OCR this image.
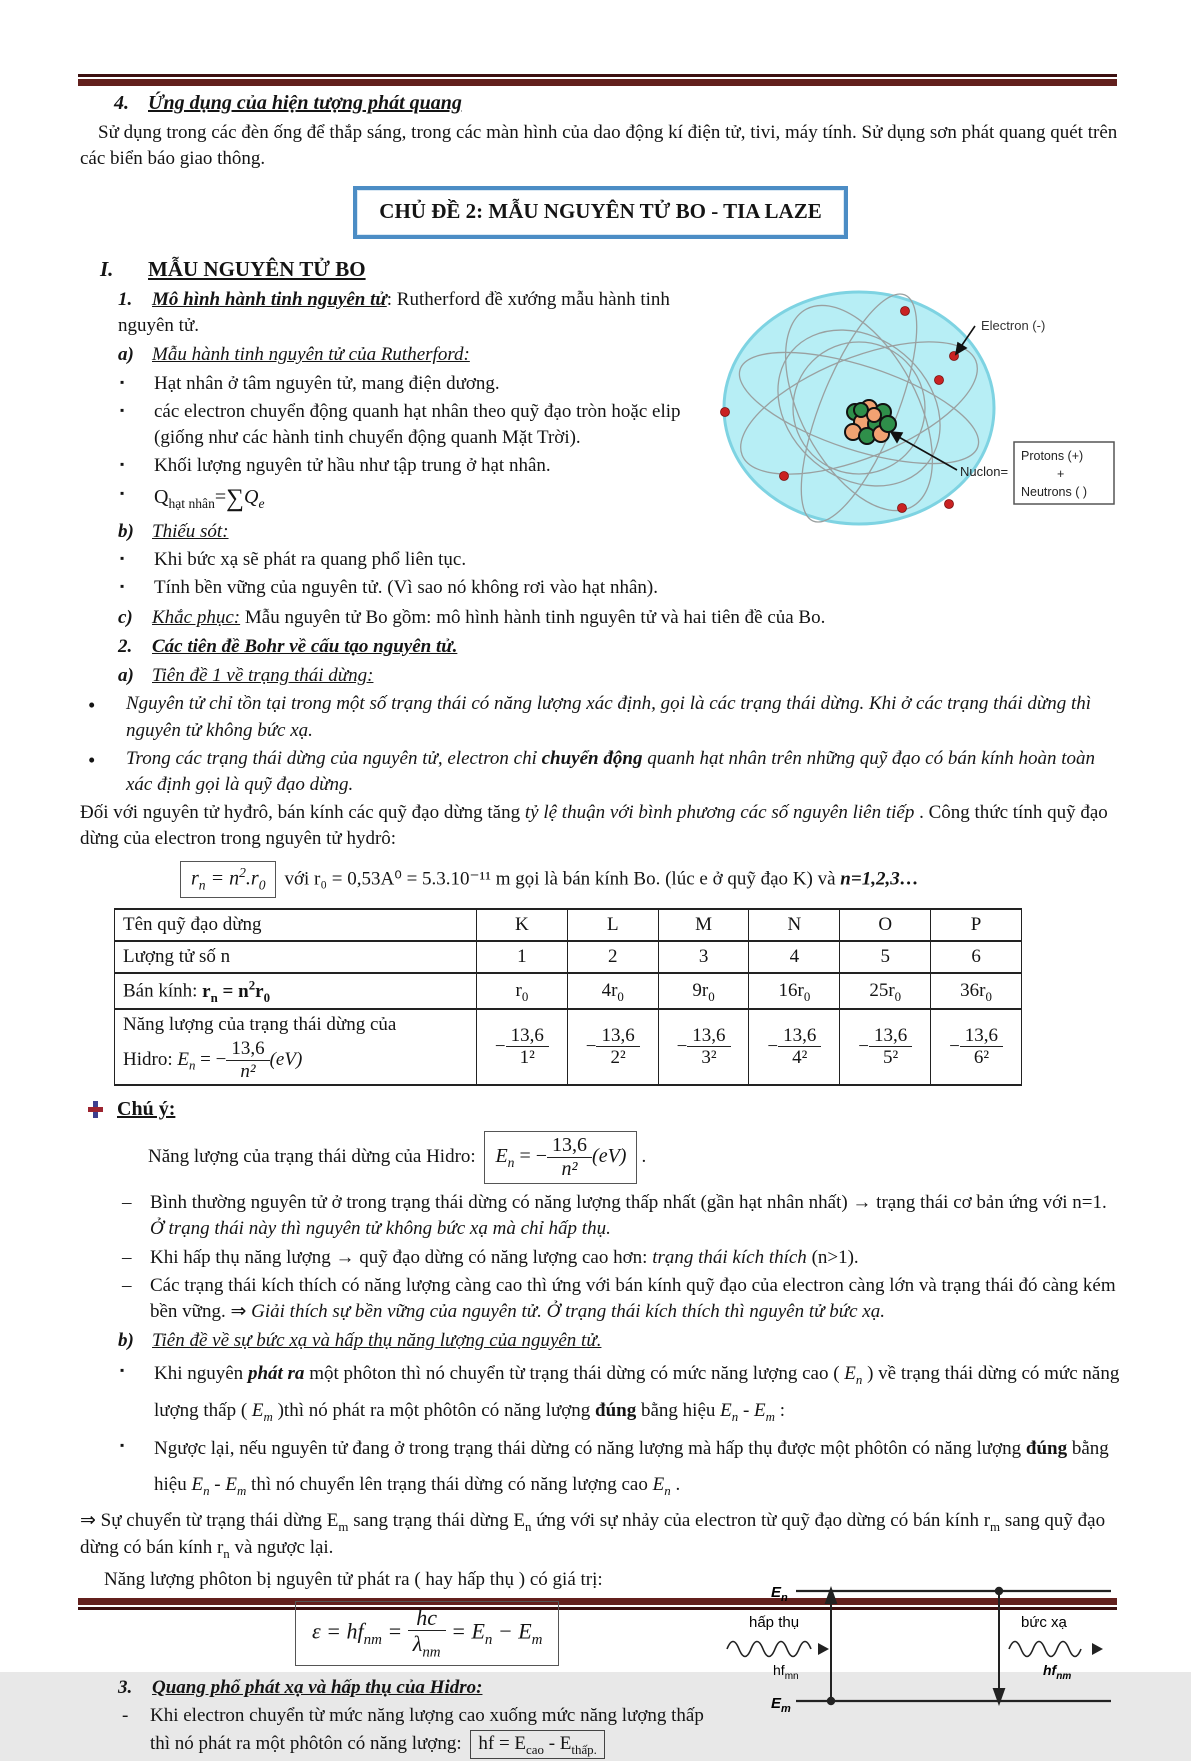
4. Ứng dụng của hiện tượng phát quang
Sử dụng trong các đèn ống để thắp sáng, trong các màn hình của dao động kí điện tử, tivi, máy tính. Sử dụng sơn phát quang quét trên các biển báo giao thông.
CHỦ ĐỀ 2: MẪU NGUYÊN TỬ BO - TIA LAZE
I. MẪU NGUYÊN TỬ BO
Electron (-)
Nuclon=
Protons (+)
+
Neutrons ( )
1. Mô hình hành tinh nguyên tử: Rutherford đề xướng mẫu hành tinh nguyên tử.
a) Mẫu hành tinh nguyên tử của Rutherford:
▪	Hạt nhân ở tâm nguyên tử, mang điện dương.
▪	các electron chuyển động quanh hạt nhân theo quỹ đạo tròn hoặc elip (giống như các hành tinh chuyển động quanh Mặt Trời).
▪	Khối lượng nguyên tử hầu như tập trung ở hạt nhân.
▪	$Q_{hạt nhân}=\sum Q_e$
b) Thiếu sót:
▪	Khi bức xạ sẽ phát ra quang phổ liên tục.
▪	Tính bền vững của nguyên tử. (Vì sao nó không rơi vào hạt nhân).
c) Khắc phục: Mẫu nguyên tử Bo gồm: mô hình hành tinh nguyên tử và hai tiên đề của Bo.
2. Các tiên đề Bohr về cấu tạo nguyên tử.
a) Tiên đề 1 về trạng thái dừng:
•	Nguyên tử chỉ tồn tại trong một số trạng thái có năng lượng xác định, gọi là các trạng thái dừng. Khi ở các trạng thái dừng thì nguyên tử không bức xạ.
•	Trong các trạng thái dừng của nguyên tử, electron chỉ chuyển động quanh hạt nhân trên những quỹ đạo có bán kính hoàn toàn xác định gọi là quỹ đạo dừng.
Đối với nguyên tử hyđrô, bán kính các quỹ đạo dừng tăng tỷ lệ thuận với bình phương các số nguyên liên tiếp . Công thức tính quỹ đạo dừng của electron trong nguyên tử hydrô:
$r_n = n^2.r_0$ với r₀ = 0,53A⁰ = 5.3.10⁻¹¹ m gọi là bán kính Bo. (lúc e ở quỹ đạo K) và n=1,2,3…
Tên quỹ đạo dừng	K	L	M	N	O	P
Lượng tử số n	1	2	3	4	5	6
Bán kính: $r_n = n^2r_0$	$r_0$	$4r_0$	$9r_0$	$16r_0$	$25r_0$	$36r_0$

Năng lượng của trạng thái dừng của
Hidro: $E_n$ = − $\frac{13,6}{\text{n²}} (eV)$
	− $\frac{13,6}{\text{1²}}$	− $\frac{13,6}{\text{2²}}$	− $\frac{13,6}{\text{3²}}$	− $\frac{13,6}{\text{4²}}$	− $\frac{13,6}{\text{5²}}$	− $\frac{13,6}{\text{6²}}$
Chú ý:
Năng lượng của trạng thái dừng của Hidro: $E_n$ = − $\frac{13,6}{\text{n²}} (eV)$ .
– Bình thường nguyên tử ở trong trạng thái dừng có năng lượng thấp nhất (gần hạt nhân nhất) → trạng thái cơ bản ứng với n=1. Ở trạng thái này thì nguyên tử không bức xạ mà chỉ hấp thụ.
– Khi hấp thụ năng lượng → quỹ đạo dừng có năng lượng cao hơn: trạng thái kích thích (n>1).
– Các trạng thái kích thích có năng lượng càng cao thì ứng với bán kính quỹ đạo của electron càng lớn và trạng thái đó càng kém bền vững. ⇒ Giải thích sự bền vững của nguyên tử. Ở trạng thái kích thích thì nguyên tử bức xạ.
b) Tiên đề về sự bức xạ và hấp thụ năng lượng của nguyên tử.
▪	Khi nguyên phát ra một phôton thì nó chuyển từ trạng thái dừng có mức năng lượng cao ( $E_n$ ) về trạng thái dừng có mức năng lượng thấp ( $E_m$ )thì nó phát ra một phôtôn có năng lượng đúng bằng hiệu $E_n - E_m$ :
▪	Ngược lại, nếu nguyên tử đang ở trong trạng thái dừng có năng lượng mà hấp thụ được một phôtôn có năng lượng đúng bằng hiệu $E_n - E_m$ thì nó chuyển lên trạng thái dừng có năng lượng cao $E_n$ .
⇒ Sự chuyển từ trạng thái dừng $E_m$ sang trạng thái dừng $E_n$ ứng với sự nhảy của electron từ quỹ đạo dừng có bán kính $r_m$ sang quỹ đạo dừng có bán kính $r_n$ và ngược lại.
$E_n$
$E_m$
hấp thụ	bức xạ
$hf_{mn}$	$hf_{nm}$
Năng lượng phôton bị nguyên tử phát ra ( hay hấp thụ ) có giá trị:
$\varepsilon = hf_{nm} = \frac{hc}{\lambda_{nm}} = E_n - E_m$
3. Quang phổ phát xạ và hấp thụ của Hidro:
-	Khi electron chuyển từ mức năng lượng cao xuống mức năng lượng thấp thì nó phát ra một phôtôn có năng lượng: hf = $E_{cao} - E_{thấp.}$
